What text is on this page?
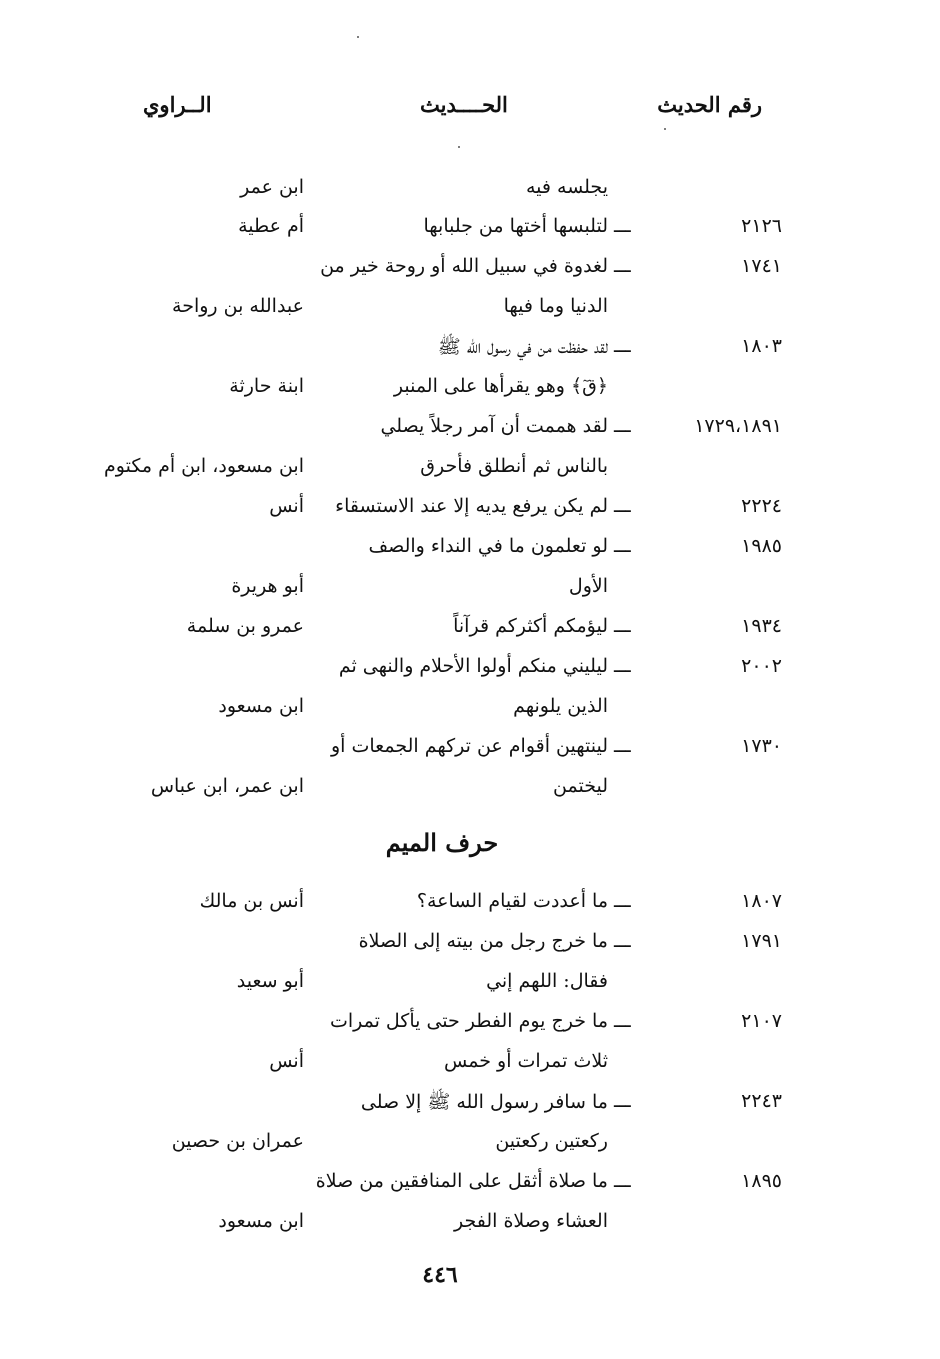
رقم الحديث
الحــــديث
الــراوي
يجلسه فيه
ابن عمر
٢١٢٦
ـــ
لتلبسها أختها من جلبابها
أم عطية
١٧٤١
ـــ
لغدوة في سبيل الله أو روحة خير من
الدنيا وما فيها
عبدالله بن رواحة
١٨٠٣
ـــ
لقد حفظت من في رسول الله ﷺ
﴿قٓ﴾ وهو يقرأها على المنبر
ابنة حارثة
١٧٢٩،١٨٩١
ـــ
لقد هممت أن آمر رجلاً يصلي
بالناس ثم أنطلق فأحرق
ابن مسعود، ابن أم مكتوم
٢٢٢٤
ـــ
لم يكن يرفع يديه إلا عند الاستسقاء
أنس
١٩٨٥
ـــ
لو تعلمون ما في النداء والصف
الأول
أبو هريرة
١٩٣٤
ـــ
ليؤمكم أكثركم قرآناً
عمرو بن سلمة
٢٠٠٢
ـــ
ليليني منكم أولوا الأحلام والنهى ثم
الذين يلونهم
ابن مسعود
١٧٣٠
ـــ
لينتهين أقوام عن تركهم الجمعات أو
ليختمن
ابن عمر، ابن عباس
حرف الميم
١٨٠٧
ـــ
ما أعددت لقيام الساعة؟
أنس بن مالك
١٧٩١
ـــ
ما خرج رجل من بيته إلى الصلاة
فقال: اللهم إني
أبو سعيد
٢١٠٧
ـــ
ما خرج يوم الفطر حتى يأكل تمرات
ثلاث تمرات أو خمس
أنس
٢٢٤٣
ـــ
ما سافر رسول الله ﷺ إلا صلى
ركعتين ركعتين
عمران بن حصين
١٨٩٥
ـــ
ما صلاة أثقل على المنافقين من صلاة
العشاء وصلاة الفجر
ابن مسعود
٤٤٦
